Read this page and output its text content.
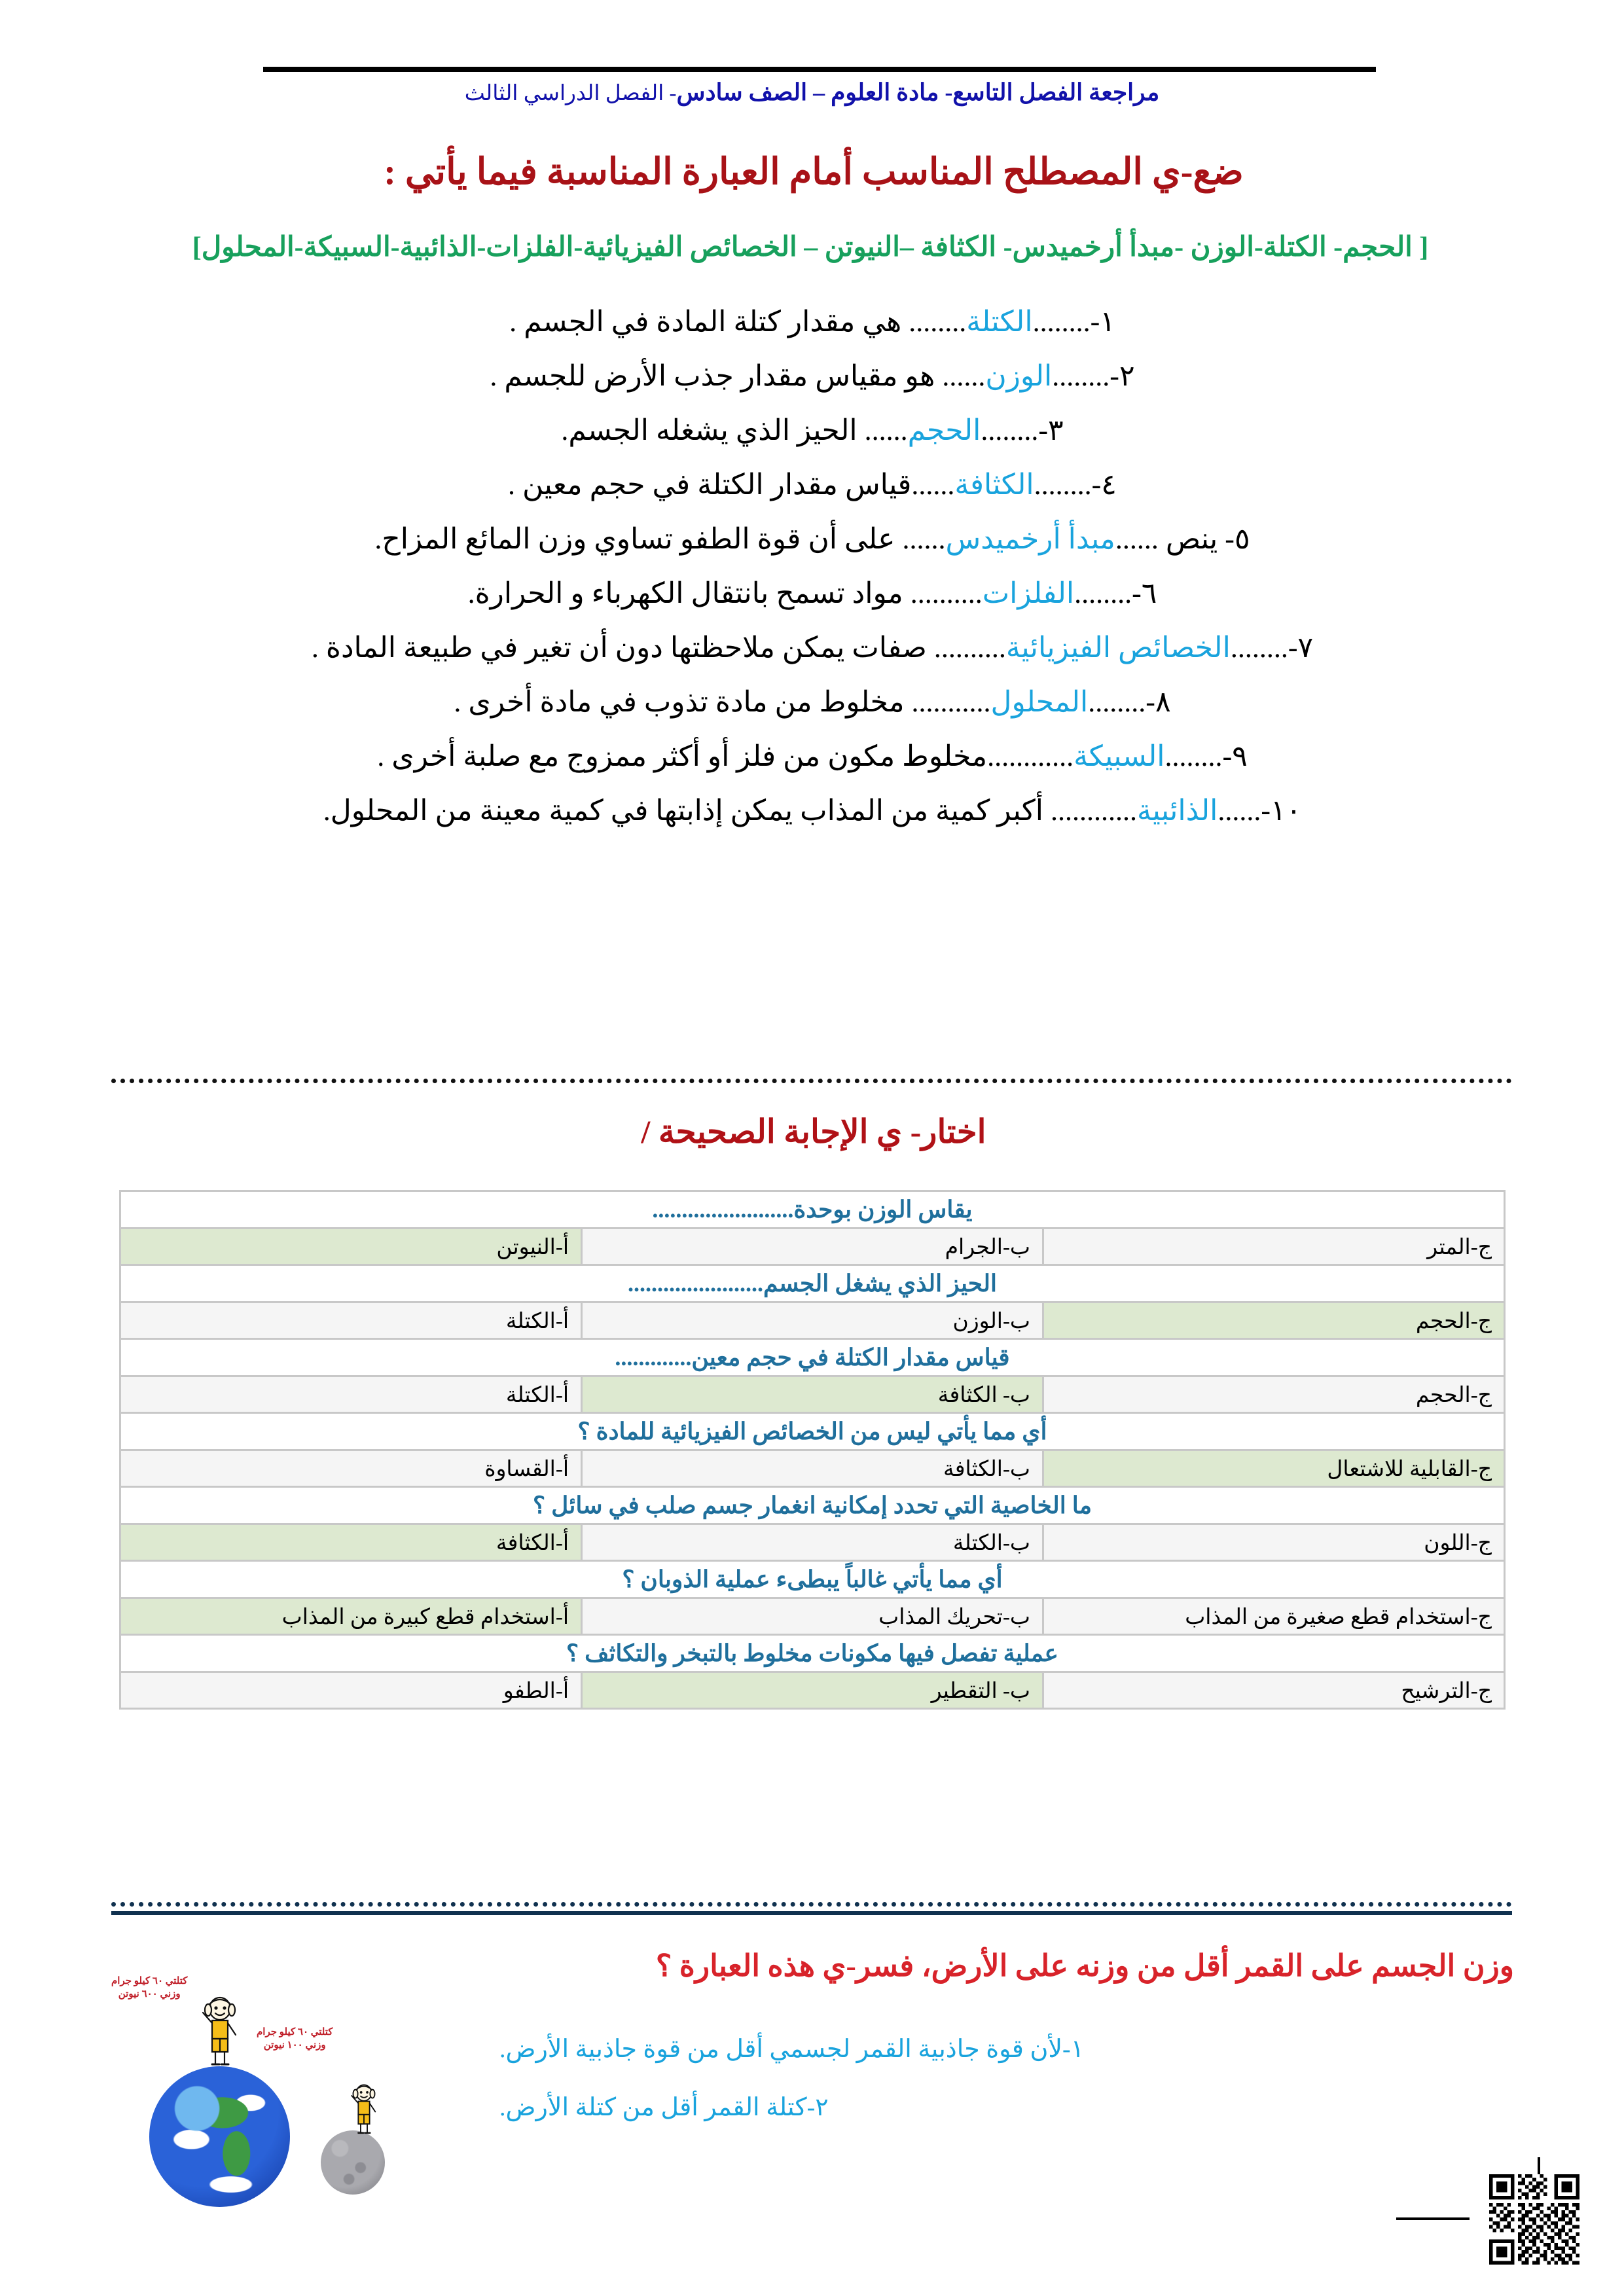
مراجعة الفصل التاسع- مادة العلوم – الصف سادس- الفصل الدراسي الثالث
ضع-ي المصطلح المناسب أمام العبارة المناسبة فيما يأتي :
[ الحجم- الكتلة-الوزن -مبدأ أرخميدس- الكثافة –النيوتن – الخصائص الفيزيائية-الفلزات-الذائبية-السبيكة-المحلول]
١-........الكتلة........ هي مقدار كتلة المادة في الجسم .
٢-........الوزن...... هو مقياس مقدار جذب الأرض للجسم .
٣-........الحجم...... الحيز الذي يشغله الجسم.
٤-........الكثافة......قياس مقدار الكتلة في حجم معين .
٥- ينص ......مبدأ أرخميدس...... على أن قوة الطفو تساوي وزن المائع المزاح.
٦-........الفلزات.......... مواد تسمح بانتقال الكهرباء و الحرارة.
٧-........الخصائص الفيزيائية.......... صفات يمكن ملاحظتها دون أن تغير في طبيعة المادة .
٨-........المحلول........... مخلوط من مادة تذوب في مادة أخرى .
٩-........السبيكة............مخلوط مكون من فلز أو أكثر ممزوج مع صلبة أخرى .
١٠-......الذائبية............ أكبر كمية من المذاب يمكن إذابتها في كمية معينة من المحلول.
اختار- ي الإجابة الصحيحة /
يقاس الوزن بوحدة........................		
ج-المتر	ب-الجرام	أ-النيوتن
الحيز الذي يشغل الجسم.......................		
ج-الحجم	ب-الوزن	أ-الكتلة
قياس مقدار الكتلة في حجم معين.............		
ج-الحجم	ب- الكثافة	أ-الكتلة
أي مما يأتي ليس من الخصائص الفيزيائية للمادة ؟		
ج-القابلية للاشتعال	ب-الكثافة	أ-القساوة
ما الخاصية التي تحدد إمكانية انغمار جسم صلب في سائل ؟		
ج-اللون	ب-الكتلة	أ-الكثافة
أي مما يأتي غالباً يبطىء عملية الذوبان ؟		
ج-استخدام قطع صغيرة من المذاب	ب-تحريك المذاب	أ-استخدام قطع كبيرة من المذاب
عملية تفصل فيها مكونات مخلوط بالتبخر والتكاثف ؟		
ج-الترشيح	ب- التقطير	أ-الطفو
وزن الجسم على القمر أقل من وزنه على الأرض، فسر-ي هذه العبارة ؟
١-لأن قوة جاذبية القمر لجسمي أقل من قوة جاذبية الأرض.
٢-كتلة القمر أقل من كتلة الأرض.
كتلتي ٦٠ كيلو جرام
وزني ٦٠٠ نيوتن
كتلتي ٦٠ كيلو جرام
وزني ١٠٠ نيوتن
